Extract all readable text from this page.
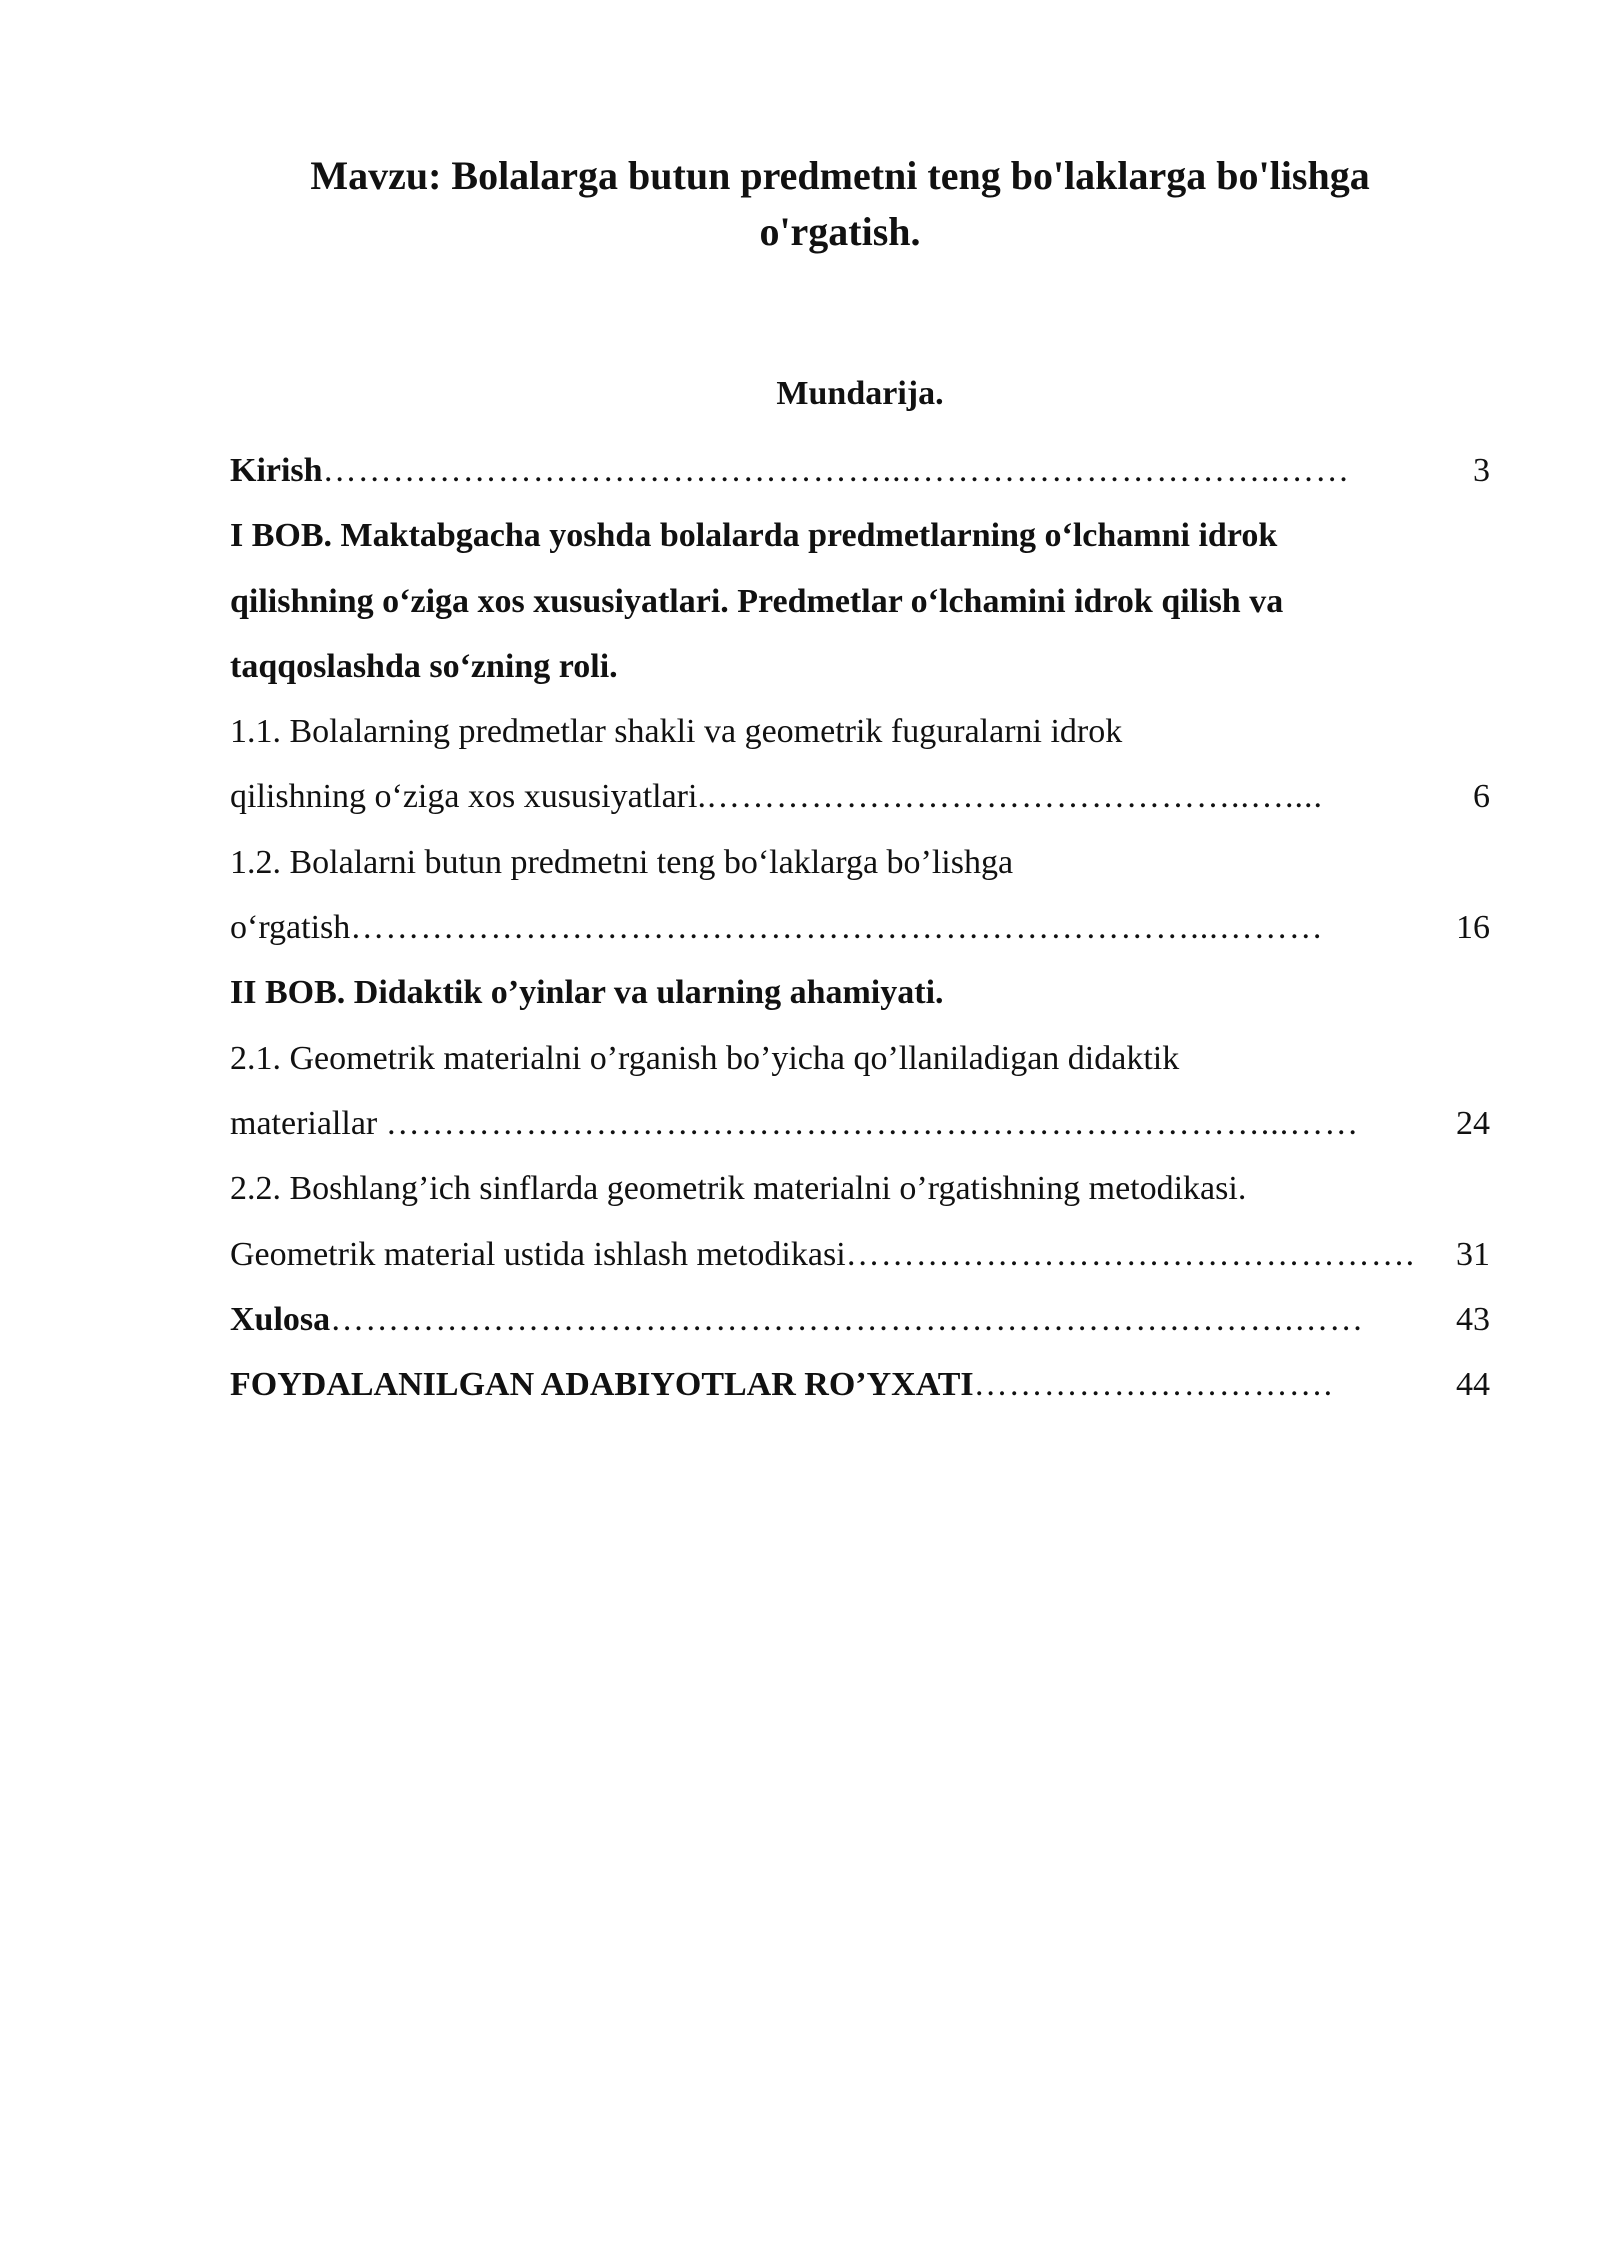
Mavzu: Bolalarga butun predmetni teng bo'laklarga bo'lishga o'rgatish.
Mundarija.
Kirish…………………………………………...…………………………..……	3
I BOB. Maktabgacha yoshda bolalarda predmetlarning o‘lchamni idrok
qilishning o‘ziga xos xususiyatlari. Predmetlar o‘lchamini idrok qilish va
taqqoslashda so‘zning roli.
1.1. Bolalarning predmetlar shakli va geometrik fuguralarni idrok
qilishning o‘ziga xos xususiyatlari.………………………………………..…....	6
1.2. Bolalarni butun predmetni teng bo‘laklarga bo’lishga
o‘rgatish………………………………………………………………...………	16
II BOB. Didaktik o’yinlar va ularning ahamiyati.
2.1. Geometrik materialni o’rganish bo’yicha qo’llaniladigan didaktik
materiallar …………………………………………………………………...……	24
2.2. Boshlang’ich sinflarda geometrik materialni o’rgatishning metodikasi.
Geometrik material ustida ishlash metodikasi………………………………………….	31
Xulosa……………………………………………………………….……….……	43
FOYDALANILGAN ADABIYOTLAR RO’YXATI………………………….	44
